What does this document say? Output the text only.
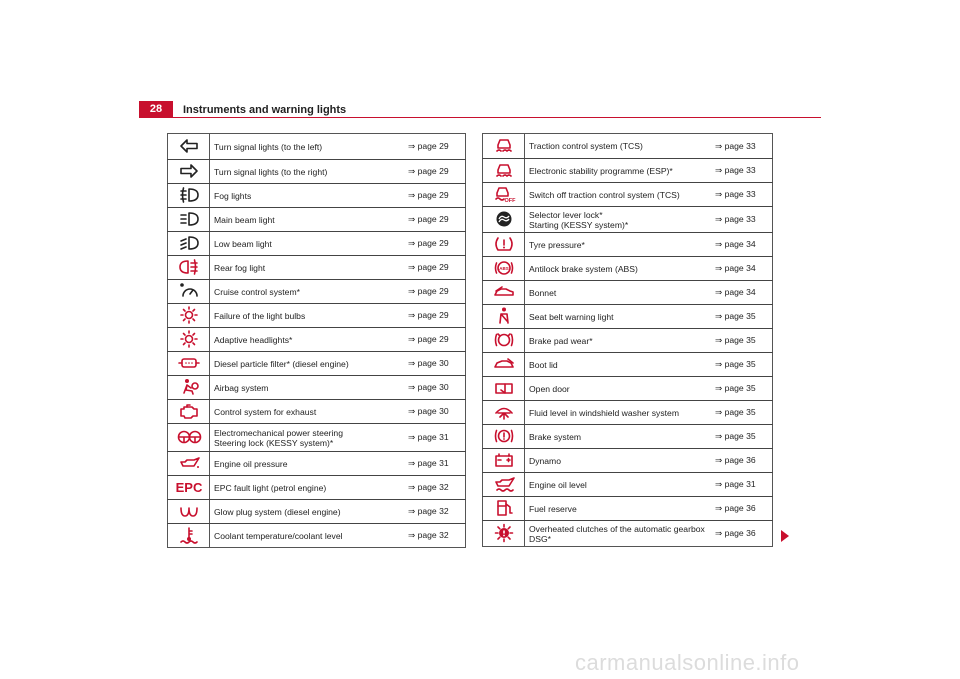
28	Instruments and warning lights
	Turn signal lights (to the left)	⇒ page 29
	Turn signal lights (to the right)	⇒ page 29
	Fog lights	⇒ page 29
	Main beam light	⇒ page 29
	Low beam light	⇒ page 29
	Rear fog light	⇒ page 29
	Cruise control system*	⇒ page 29
	Failure of the light bulbs	⇒ page 29
	Adaptive headlights*	⇒ page 29
	Diesel particle filter* (diesel engine)	⇒ page 30
	Airbag system	⇒ page 30
	Control system for exhaust	⇒ page 30
	Electromechanical power steering
Steering lock (KESSY system)*	⇒ page 31
	Engine oil pressure	⇒ page 31

EPC	EPC fault light (petrol engine)	⇒ page 32
	Glow plug system (diesel engine)	⇒ page 32
	Coolant temperature/coolant level	⇒ page 32
	Traction control system (TCS)	⇒ page 33
	Electronic stability programme (ESP)*	⇒ page 33

OFF	Switch off traction control system (TCS)	⇒ page 33
	Selector lever lock*
Starting (KESSY system)*	⇒ page 33
	Tyre pressure*	⇒ page 34

ABS	Antilock brake system (ABS)	⇒ page 34
	Bonnet	⇒ page 34
	Seat belt warning light	⇒ page 35
	Brake pad wear*	⇒ page 35
	Boot lid	⇒ page 35
	Open door	⇒ page 35
	Fluid level in windshield washer system	⇒ page 35
	Brake system	⇒ page 35
	Dynamo	⇒ page 36
	Engine oil level	⇒ page 31
	Fuel reserve	⇒ page 36
	Overheated clutches of the automatic gearbox
DSG*	⇒ page 36
carmanualsonline.info
